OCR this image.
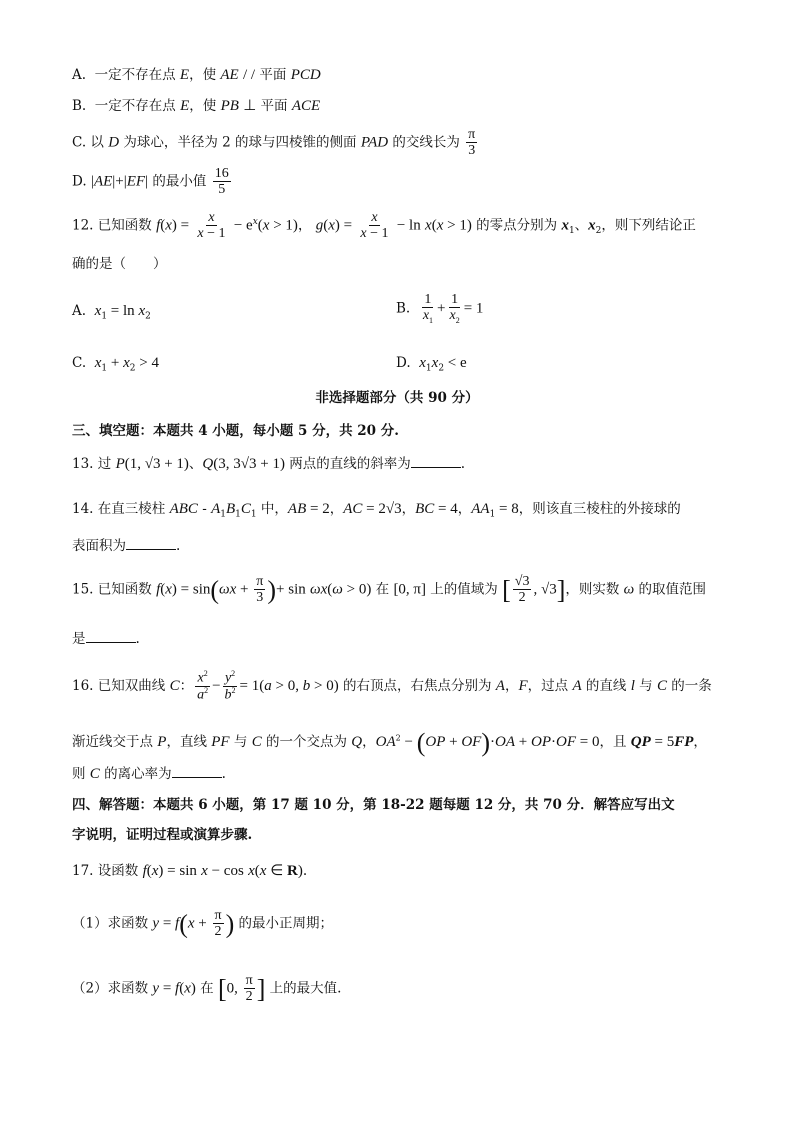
A.  一定不存在点 E，使 AE / / 平面 PCD
B.  一定不存在点 E，使 PB ⊥ 平面 ACE
C. 以 D 为球心，半径为 2 的球与四棱锥的侧面 PAD 的交线长为 $\frac{\pi}{3}$
D. |AE|+|EF| 的最小值 $\frac{16}{5}$
12. 已知函数 $f(x) = \frac{x}{x - 1} - e^x(x > 1)$， $g(x) = \frac{x}{x - 1} - \ln x(x > 1)$ 的零点分别为 $x_1$、$x_2$，则下列结论正
确的是（　　）
A. $x_1 = \ln x_2$
B. $\frac{1}{x_1} + \frac{1}{x_2} = 1$
C. $x_1 + x_2 > 4$	D. $x_1x_2 < e$
非选择题部分（共 90 分）
三、填空题：本题共 4 小题，每小题 5 分，共 20 分.
13. 过 P(1, √3 + 1)、Q(3, 3√3 + 1) 两点的直线的斜率为	.
14. 在直三棱柱 ABC - $A_1B_1C_1$ 中，AB = 2，AC = 2√3，BC = 4，$AA_1 = 8$，则该直三棱柱的外接球的
表面积为	.
15. 已知函数 $f(x) = \sin(\omega x + \frac{\pi}{3}$ )+ sin ωx(ω > 0) 在 [0, π] 上的值域为 [ $\frac{√3}{2}$ , √3]，则实数 ω 的取值范围
是	.
16. 已知双曲线 C： $\frac{x^2}{a^2} - \frac{y^2}{b^2} = 1(a > 0$, b > 0) 的右顶点，右焦点分别为 A，F，过点 A 的直线 l 与 C 的一条
渐近线交于点 P，直线 PF 与 C 的一个交点为 Q，$OA^2 - (OP + OF)\cdot OA + OP\cdot OF = 0$，且 QP = 5FP，
则 C 的离心率为	.
四、解答题：本题共 6 小题，第 17 题 10 分，第 18-22 题每题 12 分，共 70 分．解答应写出文
字说明，证明过程或演算步骤.
17. 设函数 f(x) = sin x − cos x(x ∈ R).
（1）求函数 $y = f(x + \frac{\pi}{2}$ ) 的最小正周期；
（2）求函数 y = f(x) 在 [0, $\frac{\pi}{2}$ ] 上的最大值.
